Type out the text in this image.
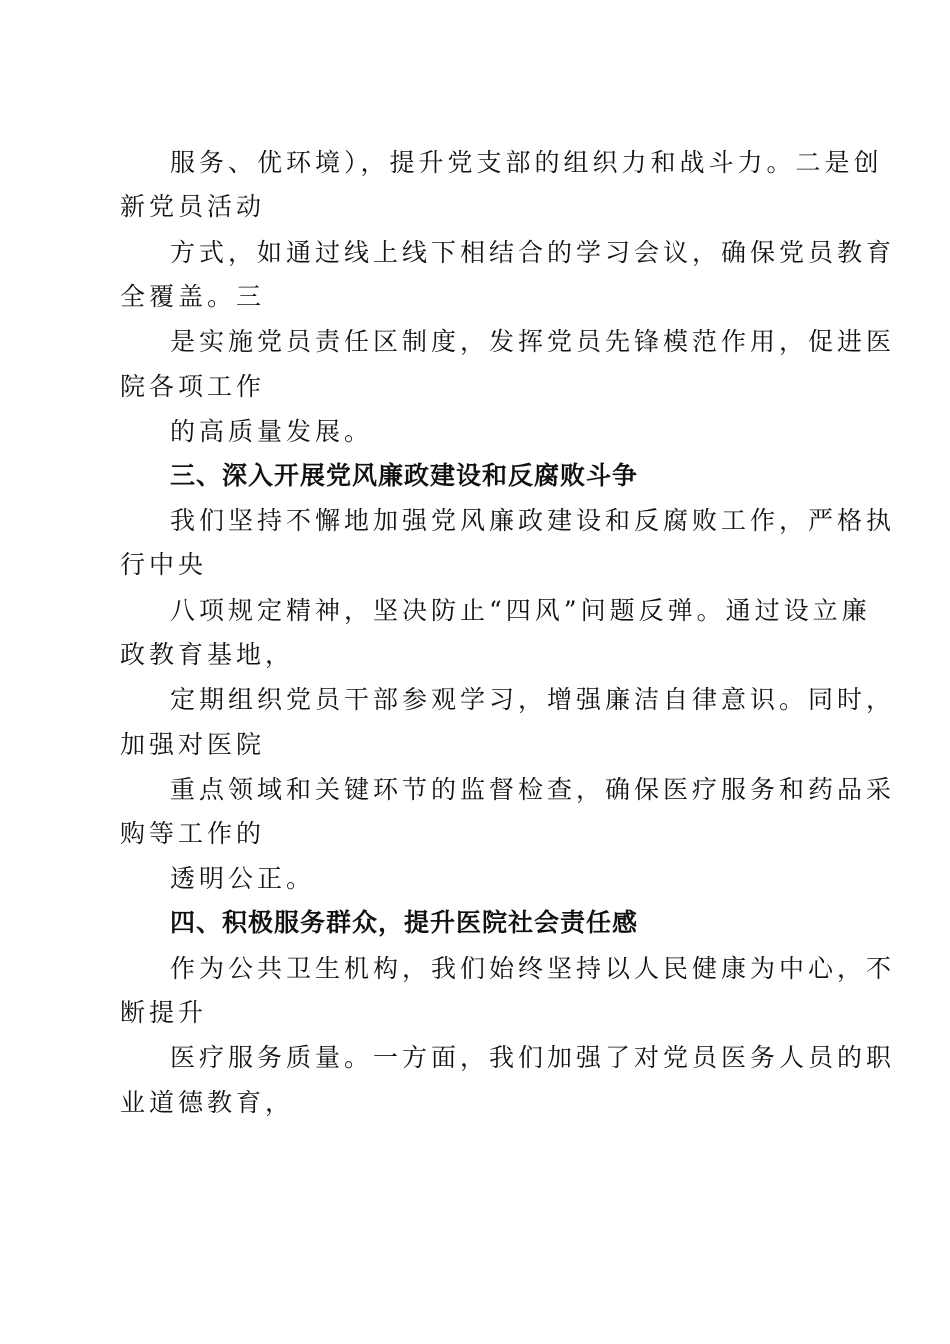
服务、优环境），提升党支部的组织力和战斗力。二是创
新党员活动
方式，如通过线上线下相结合的学习会议，确保党员教育
全覆盖。三
是实施党员责任区制度，发挥党员先锋模范作用，促进医
院各项工作
的高质量发展。
三、深入开展党风廉政建设和反腐败斗争
我们坚持不懈地加强党风廉政建设和反腐败工作，严格执
行中央
八项规定精神，坚决防止“四风”问题反弹。通过设立廉
政教育基地，
定期组织党员干部参观学习，增强廉洁自律意识。同时，
加强对医院
重点领域和关键环节的监督检查，确保医疗服务和药品采
购等工作的
透明公正。
四、积极服务群众，提升医院社会责任感
作为公共卫生机构，我们始终坚持以人民健康为中心，不
断提升
医疗服务质量。一方面，我们加强了对党员医务人员的职
业道德教育，
